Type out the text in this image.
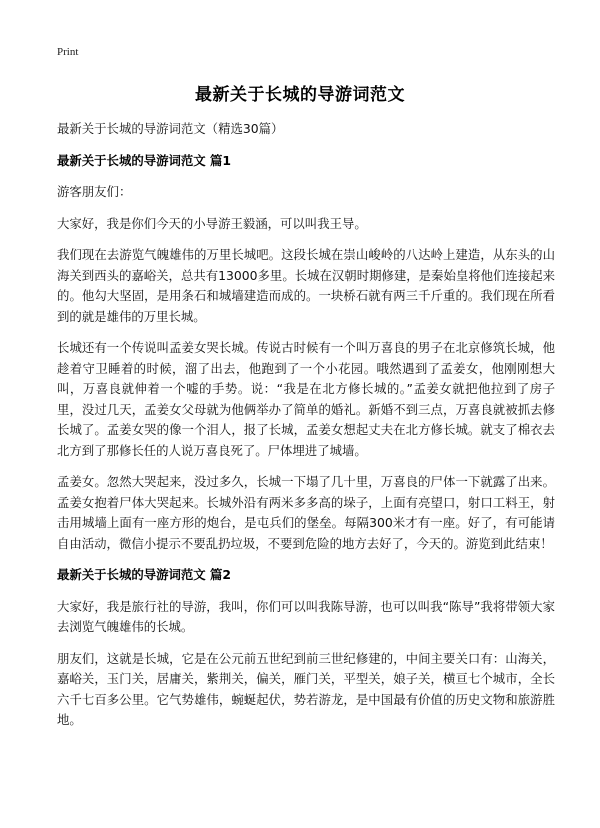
Print
最新关于长城的导游词范文

最新关于长城的导游词范文（精选30篇）

最新关于长城的导游词范文 篇1

游客朋友们：

大家好，我是你们今天的小导游王毅涵，可以叫我王导。

我们现在去游览气魄雄伟的万里长城吧。这段长城在崇山峻岭的八达岭上建造，从东头的山海关到西头的嘉峪关，总共有13000多里。长城在汉朝时期修建，是秦始皇将他们连接起来的。他勾大坚固，是用条石和城墙建造而成的。一块桥石就有两三千斤重的。我们现在所看到的就是雄伟的万里长城。

长城还有一个传说叫孟姜女哭长城。传说古时候有一个叫万喜良的男子在北京修筑长城，他趁着守卫睡着的时候，溜了出去，他跑到了一个小花园。哦然遇到了孟姜女，他刚刚想大叫，万喜良就伸着一个嘘的手势。说：“我是在北方修长城的。”孟姜女就把他拉到了房子里，没过几天，孟姜女父母就为他俩举办了简单的婚礼。新婚不到三点，万喜良就被抓去修长城了。孟姜女哭的像一个泪人，报了长城，孟姜女想起丈夫在北方修长城。就支了棉衣去北方到了那修长任的人说万喜良死了。尸体埋进了城墙。

孟姜女。忽然大哭起来，没过多久，长城一下塌了几十里，万喜良的尸体一下就露了出来。孟姜女抱着尸体大哭起来。长城外沿有两米多多高的垛子，上面有亮望口，射口工料王，射击用城墙上面有一座方形的炮台，是屯兵们的堡垒。每隔300米才有一座。好了，有可能请自由活动，微信小提示不要乱扔垃圾，不要到危险的地方去好了，今天的。游览到此结束！

最新关于长城的导游词范文 篇2

大家好，我是旅行社的导游，我叫，你们可以叫我陈导游，也可以叫我“陈导”我将带领大家去浏览气魄雄伟的长城。

朋友们，这就是长城，它是在公元前五世纪到前三世纪修建的，中间主要关口有：山海关，嘉峪关，玉门关，居庸关，紫荆关，偏关，雁门关，平型关，娘子关，横亘七个城市，全长六千七百多公里。它气势雄伟，蜿蜒起伏，势若游龙，是中国最有价值的历史文物和旅游胜地。
